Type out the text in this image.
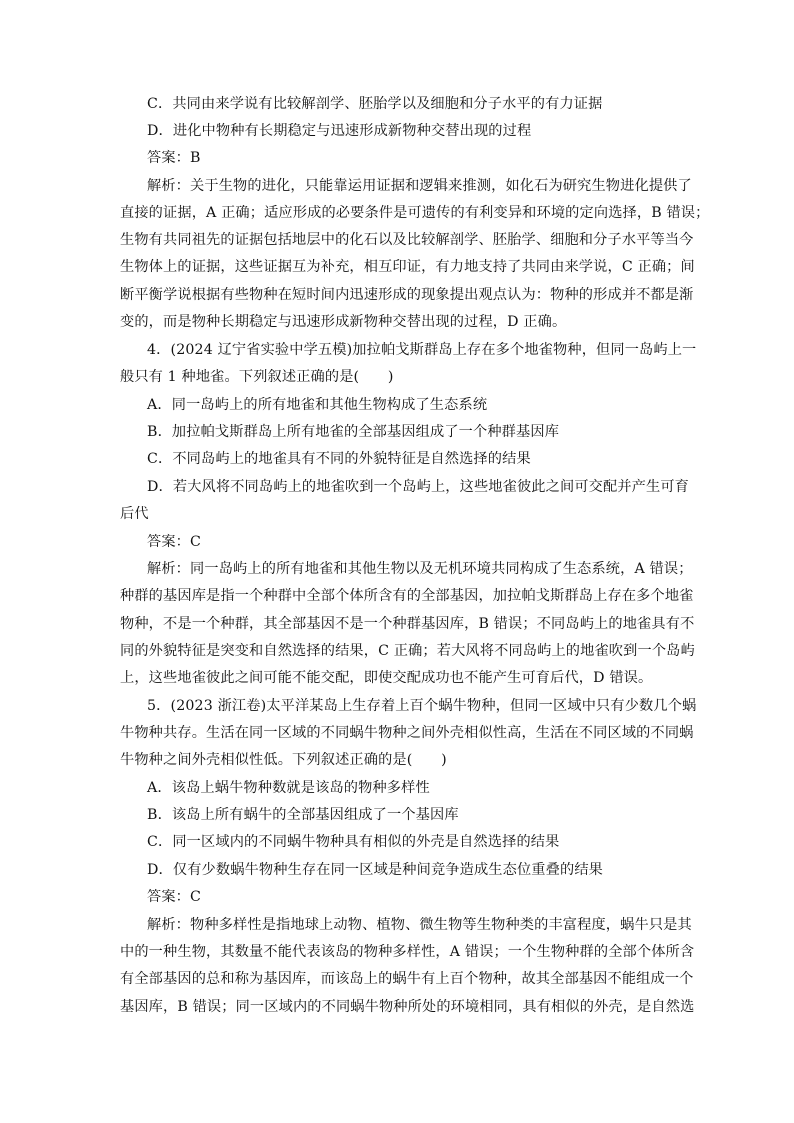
C．共同由来学说有比较解剖学、胚胎学以及细胞和分子水平的有力证据
D．进化中物种有长期稳定与迅速形成新物种交替出现的过程
答案：B
解析：关于生物的进化，只能靠运用证据和逻辑来推测，如化石为研究生物进化提供了
直接的证据，A 正确；适应形成的必要条件是可遗传的有利变异和环境的定向选择，B 错误；
生物有共同祖先的证据包括地层中的化石以及比较解剖学、胚胎学、细胞和分子水平等当今
生物体上的证据，这些证据互为补充，相互印证，有力地支持了共同由来学说，C 正确；间
断平衡学说根据有些物种在短时间内迅速形成的现象提出观点认为：物种的形成并不都是渐
变的，而是物种长期稳定与迅速形成新物种交替出现的过程，D 正确。
4．(2024 辽宁省实验中学五模)加拉帕戈斯群岛上存在多个地雀物种，但同一岛屿上一
般只有 1 种地雀。下列叙述正确的是(　　)
A．同一岛屿上的所有地雀和其他生物构成了生态系统
B．加拉帕戈斯群岛上所有地雀的全部基因组成了一个种群基因库
C．不同岛屿上的地雀具有不同的外貌特征是自然选择的结果
D．若大风将不同岛屿上的地雀吹到一个岛屿上，这些地雀彼此之间可交配并产生可育
后代
答案：C
解析：同一岛屿上的所有地雀和其他生物以及无机环境共同构成了生态系统，A 错误；
种群的基因库是指一个种群中全部个体所含有的全部基因，加拉帕戈斯群岛上存在多个地雀
物种，不是一个种群，其全部基因不是一个种群基因库，B 错误；不同岛屿上的地雀具有不
同的外貌特征是突变和自然选择的结果，C 正确；若大风将不同岛屿上的地雀吹到一个岛屿
上，这些地雀彼此之间可能不能交配，即使交配成功也不能产生可育后代，D 错误。
5．(2023 浙江卷)太平洋某岛上生存着上百个蜗牛物种，但同一区域中只有少数几个蜗
牛物种共存。生活在同一区域的不同蜗牛物种之间外壳相似性高，生活在不同区域的不同蜗
牛物种之间外壳相似性低。下列叙述正确的是(　　)
A．该岛上蜗牛物种数就是该岛的物种多样性
B．该岛上所有蜗牛的全部基因组成了一个基因库
C．同一区域内的不同蜗牛物种具有相似的外壳是自然选择的结果
D．仅有少数蜗牛物种生存在同一区域是种间竞争造成生态位重叠的结果
答案：C
解析：物种多样性是指地球上动物、植物、微生物等生物种类的丰富程度，蜗牛只是其
中的一种生物，其数量不能代表该岛的物种多样性，A 错误；一个生物种群的全部个体所含
有全部基因的总和称为基因库，而该岛上的蜗牛有上百个物种，故其全部基因不能组成一个
基因库，B 错误；同一区域内的不同蜗牛物种所处的环境相同，具有相似的外壳，是自然选
